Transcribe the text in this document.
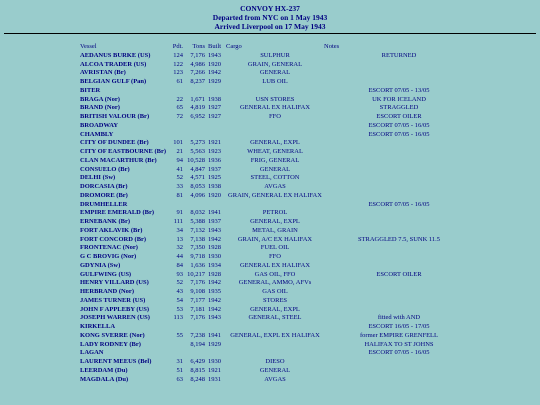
CONVOY HX-237
Departed from NYC on 1 May 1943
Arrived Liverpool on 17 May 1943
Vessel	Pdt.	Tons	Built	Cargo	Notes
AEDANUS BURKE (US)	124	7,176	1943	SULPHUR	RETURNED
ALCOA TRADER (US)	122	4,986	1920	GRAIN, GENERAL	
AVRISTAN (Br)	123	7,266	1942	GENERAL	
BELGIAN GULF (Pan)	61	8,237	1929	LUB OIL	
BITER					ESCORT 07/05 - 13/05
BRAGA (Nor)	22	1,671	1938	USN STORES	UK FOR ICELAND
BRAND (Nor)	65	4,819	1927	GENERAL EX HALIFAX	STRAGGLED
BRITISH VALOUR (Br)	72	6,952	1927	FFO	ESCORT OILER
BROADWAY					ESCORT 07/05 - 16/05
CHAMBLY					ESCORT 07/05 - 16/05
CITY OF DUNDEE (Br)	101	5,273	1921	GENERAL, EXPL	
CITY OF EASTBOURNE (Br)	21	5,563	1923	WHEAT, GENERAL	
CLAN MACARTHUR (Br)	94	10,528	1936	FRIG, GENERAL	
CONSUELO (Br)	41	4,847	1937	GENERAL	
DELHI (Sw)	52	4,571	1925	STEEL, COTTON	
DORCASIA (Br)	33	8,053	1938	AVGAS	
DROMORE (Br)	81	4,096	1920	GRAIN, GENERAL EX HALIFAX	
DRUMHELLER					ESCORT 07/05 - 16/05
EMPIRE EMERALD (Br)	91	8,032	1941	PETROL	
ERNEBANK (Br)	111	5,388	1937	GENERAL, EXPL	
FORT AKLAVIK (Br)	34	7,132	1943	METAL, GRAIN	
FORT CONCORD (Br)	13	7,138	1942	GRAIN, A/C EX HALIFAX	STRAGGLED 7.5, SUNK 11.5
FRONTENAC (Nor)	32	7,350	1928	FUEL OIL	
G C BROVIG (Nor)	44	9,718	1930	FFO	
GDYNIA (Sw)	84	1,636	1934	GENERAL EX HALIFAX	
GULFWING (US)	93	10,217	1928	GAS OIL, FFO	ESCORT OILER
HENRY VILLARD (US)	52	7,176	1942	GENERAL, AMMO, AFVs	
HERBRAND (Nor)	43	9,108	1935	GAS OIL	
JAMES TURNER (US)	54	7,177	1942	STORES	
JOHN F APPLEBY (US)	53	7,181	1942	GENERAL, EXPL	
JOSEPH WARREN (US)	113	7,176	1943	GENERAL, STEEL	fitted with AND
KIRKELLA					ESCORT 16/05 - 17/05
KONG SVERRE (Nor)	55	7,238	1941	GENERAL, EXPL EX HALIFAX	former EMPIRE GRENFELL
LADY RODNEY (Br)		8,194	1929		HALIFAX TO ST JOHNS
LAGAN					ESCORT 07/05 - 16/05
LAURENT MEEUS (Bel)	31	6,429	1930	DIESO	
LEERDAM (Du)	51	8,815	1921	GENERAL	
MAGDALA (Du)	63	8,248	1931	AVGAS	
